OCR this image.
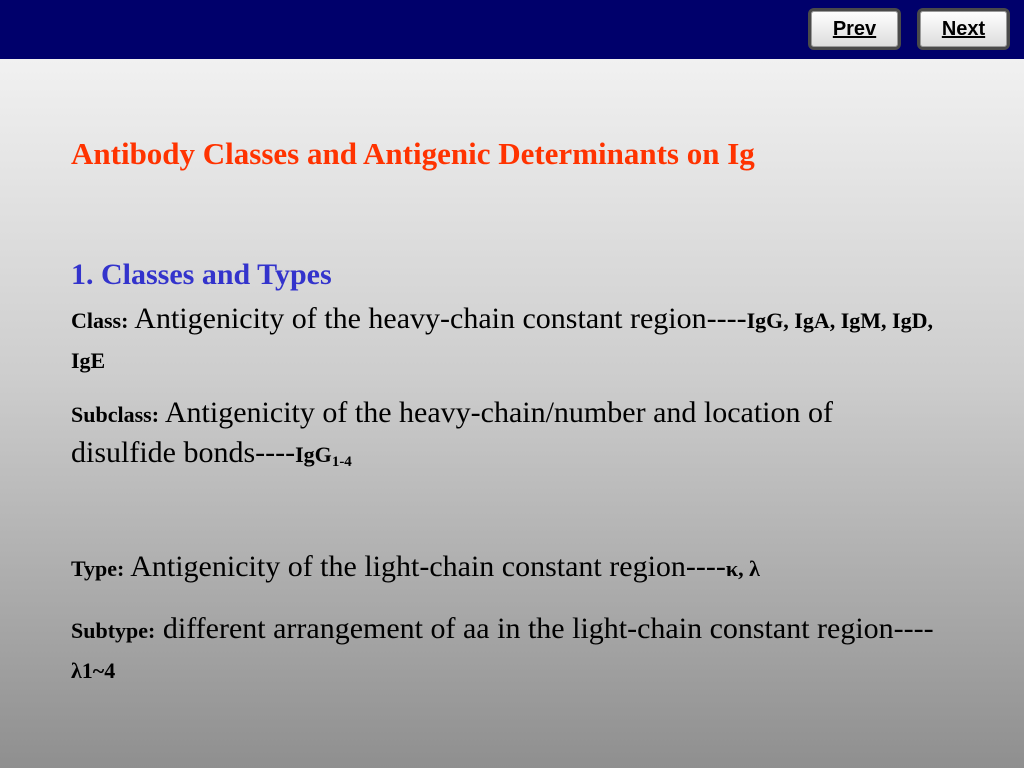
Prev	Next
Antibody Classes and Antigenic Determinants on Ig
1. Classes and Types
Class: Antigenicity of the heavy-chain constant region----IgG, IgA, IgM, IgD, IgE
Subclass: Antigenicity of the heavy-chain/number and location of disulfide bonds----IgG$_{1-4}$
Type: Antigenicity of the light-chain constant region----κ, λ
Subtype: different arrangement of aa in the light-chain constant region----λ1~4
